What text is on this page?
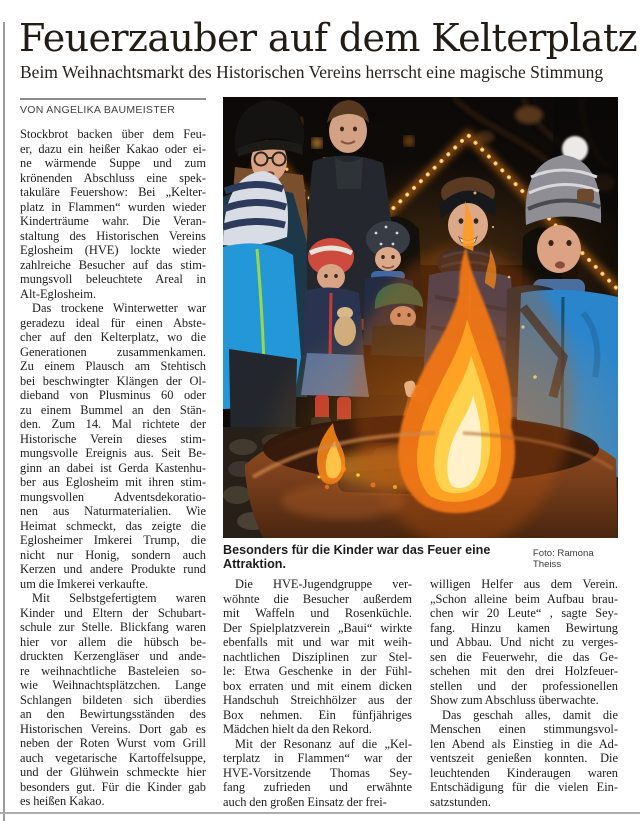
Feuerzauber auf dem Kelterplatz
Beim Weihnachtsmarkt des Historischen Vereins herrscht eine magische Stimmung
VON ANGELIKA BAUMEISTER
Stockbrot backen über dem Feu-
er, dazu ein heißer Kakao oder ei-
ne wärmende Suppe und zum
krönenden Abschluss eine spek-
takuläre Feuershow: Bei „Kelter-
platz in Flammen“ wurden wieder
Kinderträume wahr. Die Veran-
staltung des Historischen Vereins
Eglosheim (HVE) lockte wieder
zahlreiche Besucher auf das stim-
mungsvoll beleuchtete Areal in
Alt-Eglosheim.
Das trockene Winterwetter war
geradezu ideal für einen Abste-
cher auf den Kelterplatz, wo die
Generationen zusammenkamen.
Zu einem Plausch am Stehtisch
bei beschwingter Klängen der Ol-
dieband von Plusminus 60 oder
zu einem Bummel an den Stän-
den. Zum 14. Mal richtete der
Historische Verein dieses stim-
mungsvolle Ereignis aus. Seit Be-
ginn an dabei ist Gerda Kastenhu-
ber aus Eglosheim mit ihren stim-
mungsvollen Adventsdekoratio-
nen aus Naturmaterialien. Wie
Heimat schmeckt, das zeigte die
Eglosheimer Imkerei Trump, die
nicht nur Honig, sondern auch
Kerzen und andere Produkte rund
um die Imkerei verkaufte.
Mit Selbstgefertigtem waren
Kinder und Eltern der Schubart-
schule zur Stelle. Blickfang waren
hier vor allem die hübsch be-
druckten Kerzengläser und ande-
re weihnachtliche Basteleien so-
wie Weihnachtsplätzchen. Lange
Schlangen bildeten sich überdies
an den Bewirtungsständen des
Historischen Vereins. Dort gab es
neben der Roten Wurst vom Grill
auch vegetarische Kartoffelsuppe,
und der Glühwein schmeckte hier
besonders gut. Für die Kinder gab
es heißen Kakao.
Besonders für die Kinder war das Feuer eine Attraktion.
Foto: Ramona Theiss
Die HVE-Jugendgruppe ver-
wöhnte die Besucher außerdem
mit Waffeln und Rosenküchle.
Der Spielplatzverein „Baui“ wirkte
ebenfalls mit und war mit weih-
nachtlichen Disziplinen zur Stel-
le: Etwa Geschenke in der Fühl-
box erraten und mit einem dicken
Handschuh Streichhölzer aus der
Box nehmen. Ein fünfjähriges
Mädchen hielt da den Rekord.
Mit der Resonanz auf die „Kel-
terplatz in Flammen“ war der
HVE-Vorsitzende Thomas Sey-
fang zufrieden und erwähnte
auch den großen Einsatz der frei-
willigen Helfer aus dem Verein.
„Schon alleine beim Aufbau brau-
chen wir 20 Leute“ , sagte Sey-
fang. Hinzu kamen Bewirtung
und Abbau. Und nicht zu verges-
sen die Feuerwehr, die das Ge-
schehen mit den drei Holzfeuer-
stellen und der professionellen
Show zum Abschluss überwachte.
Das geschah alles, damit die
Menschen einen stimmungsvol-
len Abend als Einstieg in die Ad-
ventszeit genießen konnten. Die
leuchtenden Kinderaugen waren
Entschädigung für die vielen Ein-
satzstunden.
